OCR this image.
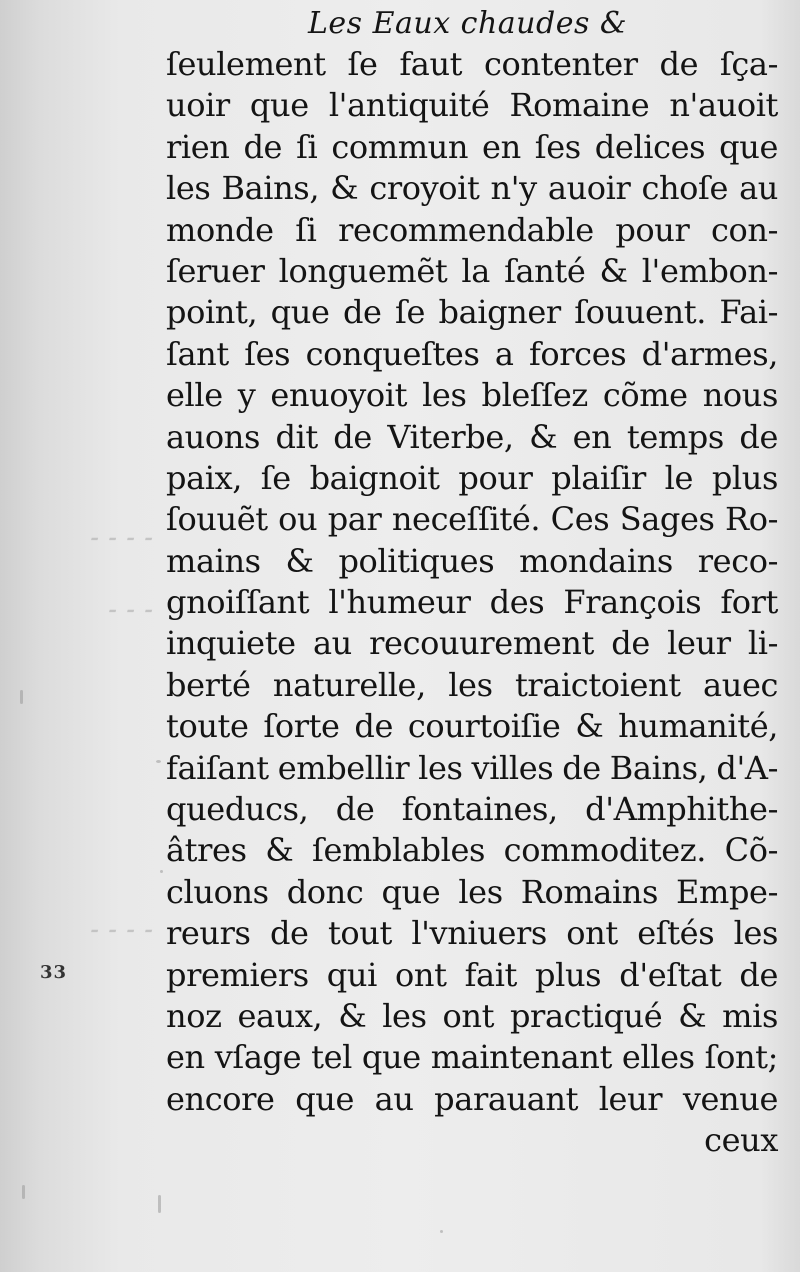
⁃ ⁃ ⁃ ⁃
⁃ ⁃ ⁃
⁃ ⁃ ⁃ ⁃
Les Eaux chaudes &
33
ſeulement ſe faut contenter de ſça-
uoir que l'antiquité Romaine n'auoit
rien de ſi commun en ſes delices que
les Bains, & croyoit n'y auoir choſe au
monde ſi recommendable pour con-
ſeruer longuemẽt la ſanté & l'embon-
point, que de ſe baigner ſouuent. Fai-
ſant ſes conqueſtes a forces d'armes,
elle y enuoyoit les bleſſez cõme nous
auons dit de Viterbe, & en temps de
paix, ſe baignoit pour plaiſir le plus
ſouuẽt ou par neceſſité. Ces Sages Ro-
mains & politiques mondains reco-
gnoiſſant l'humeur des François fort
inquiete au recouurement de leur li-
berté naturelle, les traictoient auec
toute ſorte de courtoiſie & humanité,
faiſant embellir les villes de Bains, d'A-
queducs, de fontaines, d'Amphithe-
âtres & ſemblables commoditez. Cõ-
cluons donc que les Romains Empe-
reurs de tout l'vniuers ont eſtés les
premiers qui ont fait plus d'eſtat de
noz eaux, & les ont practiqué & mis
en vſage tel que maintenant elles ſont;
encore que au parauant leur venue
ceux
